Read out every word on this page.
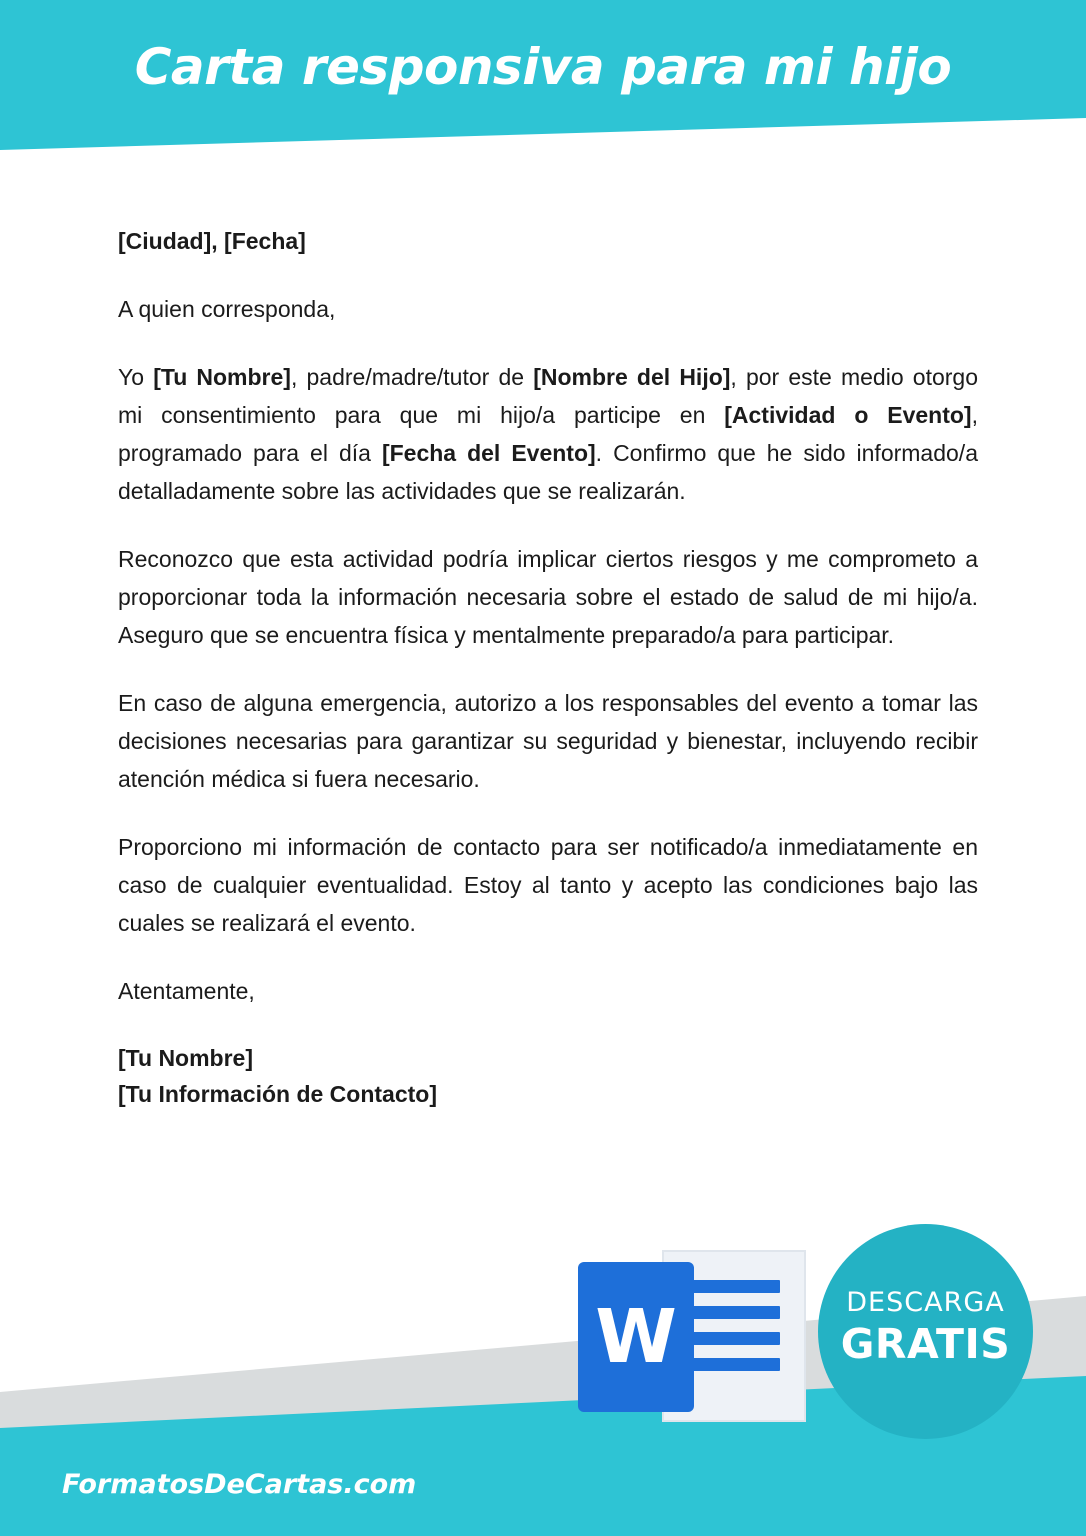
Carta responsiva para mi hijo

[Ciudad], [Fecha]

A quien corresponda,

Yo [Tu Nombre], padre/madre/tutor de [Nombre del Hijo], por este medio otorgo mi consentimiento para que mi hijo/a participe en [Actividad o Evento], programado para el día [Fecha del Evento]. Confirmo que he sido informado/a detalladamente sobre las actividades que se realizarán.

Reconozco que esta actividad podría implicar ciertos riesgos y me comprometo a proporcionar toda la información necesaria sobre el estado de salud de mi hijo/a. Aseguro que se encuentra física y mentalmente preparado/a para participar.

En caso de alguna emergencia, autorizo a los responsables del evento a tomar las decisiones necesarias para garantizar su seguridad y bienestar, incluyendo recibir atención médica si fuera necesario.

Proporciono mi información de contacto para ser notificado/a inmediatamente en caso de cualquier eventualidad. Estoy al tanto y acepto las condiciones bajo las cuales se realizará el evento.

Atentamente,

[Tu Nombre]
[Tu Información de Contacto]
W	DESCARGA
GRATIS
FormatosDeCartas.com
